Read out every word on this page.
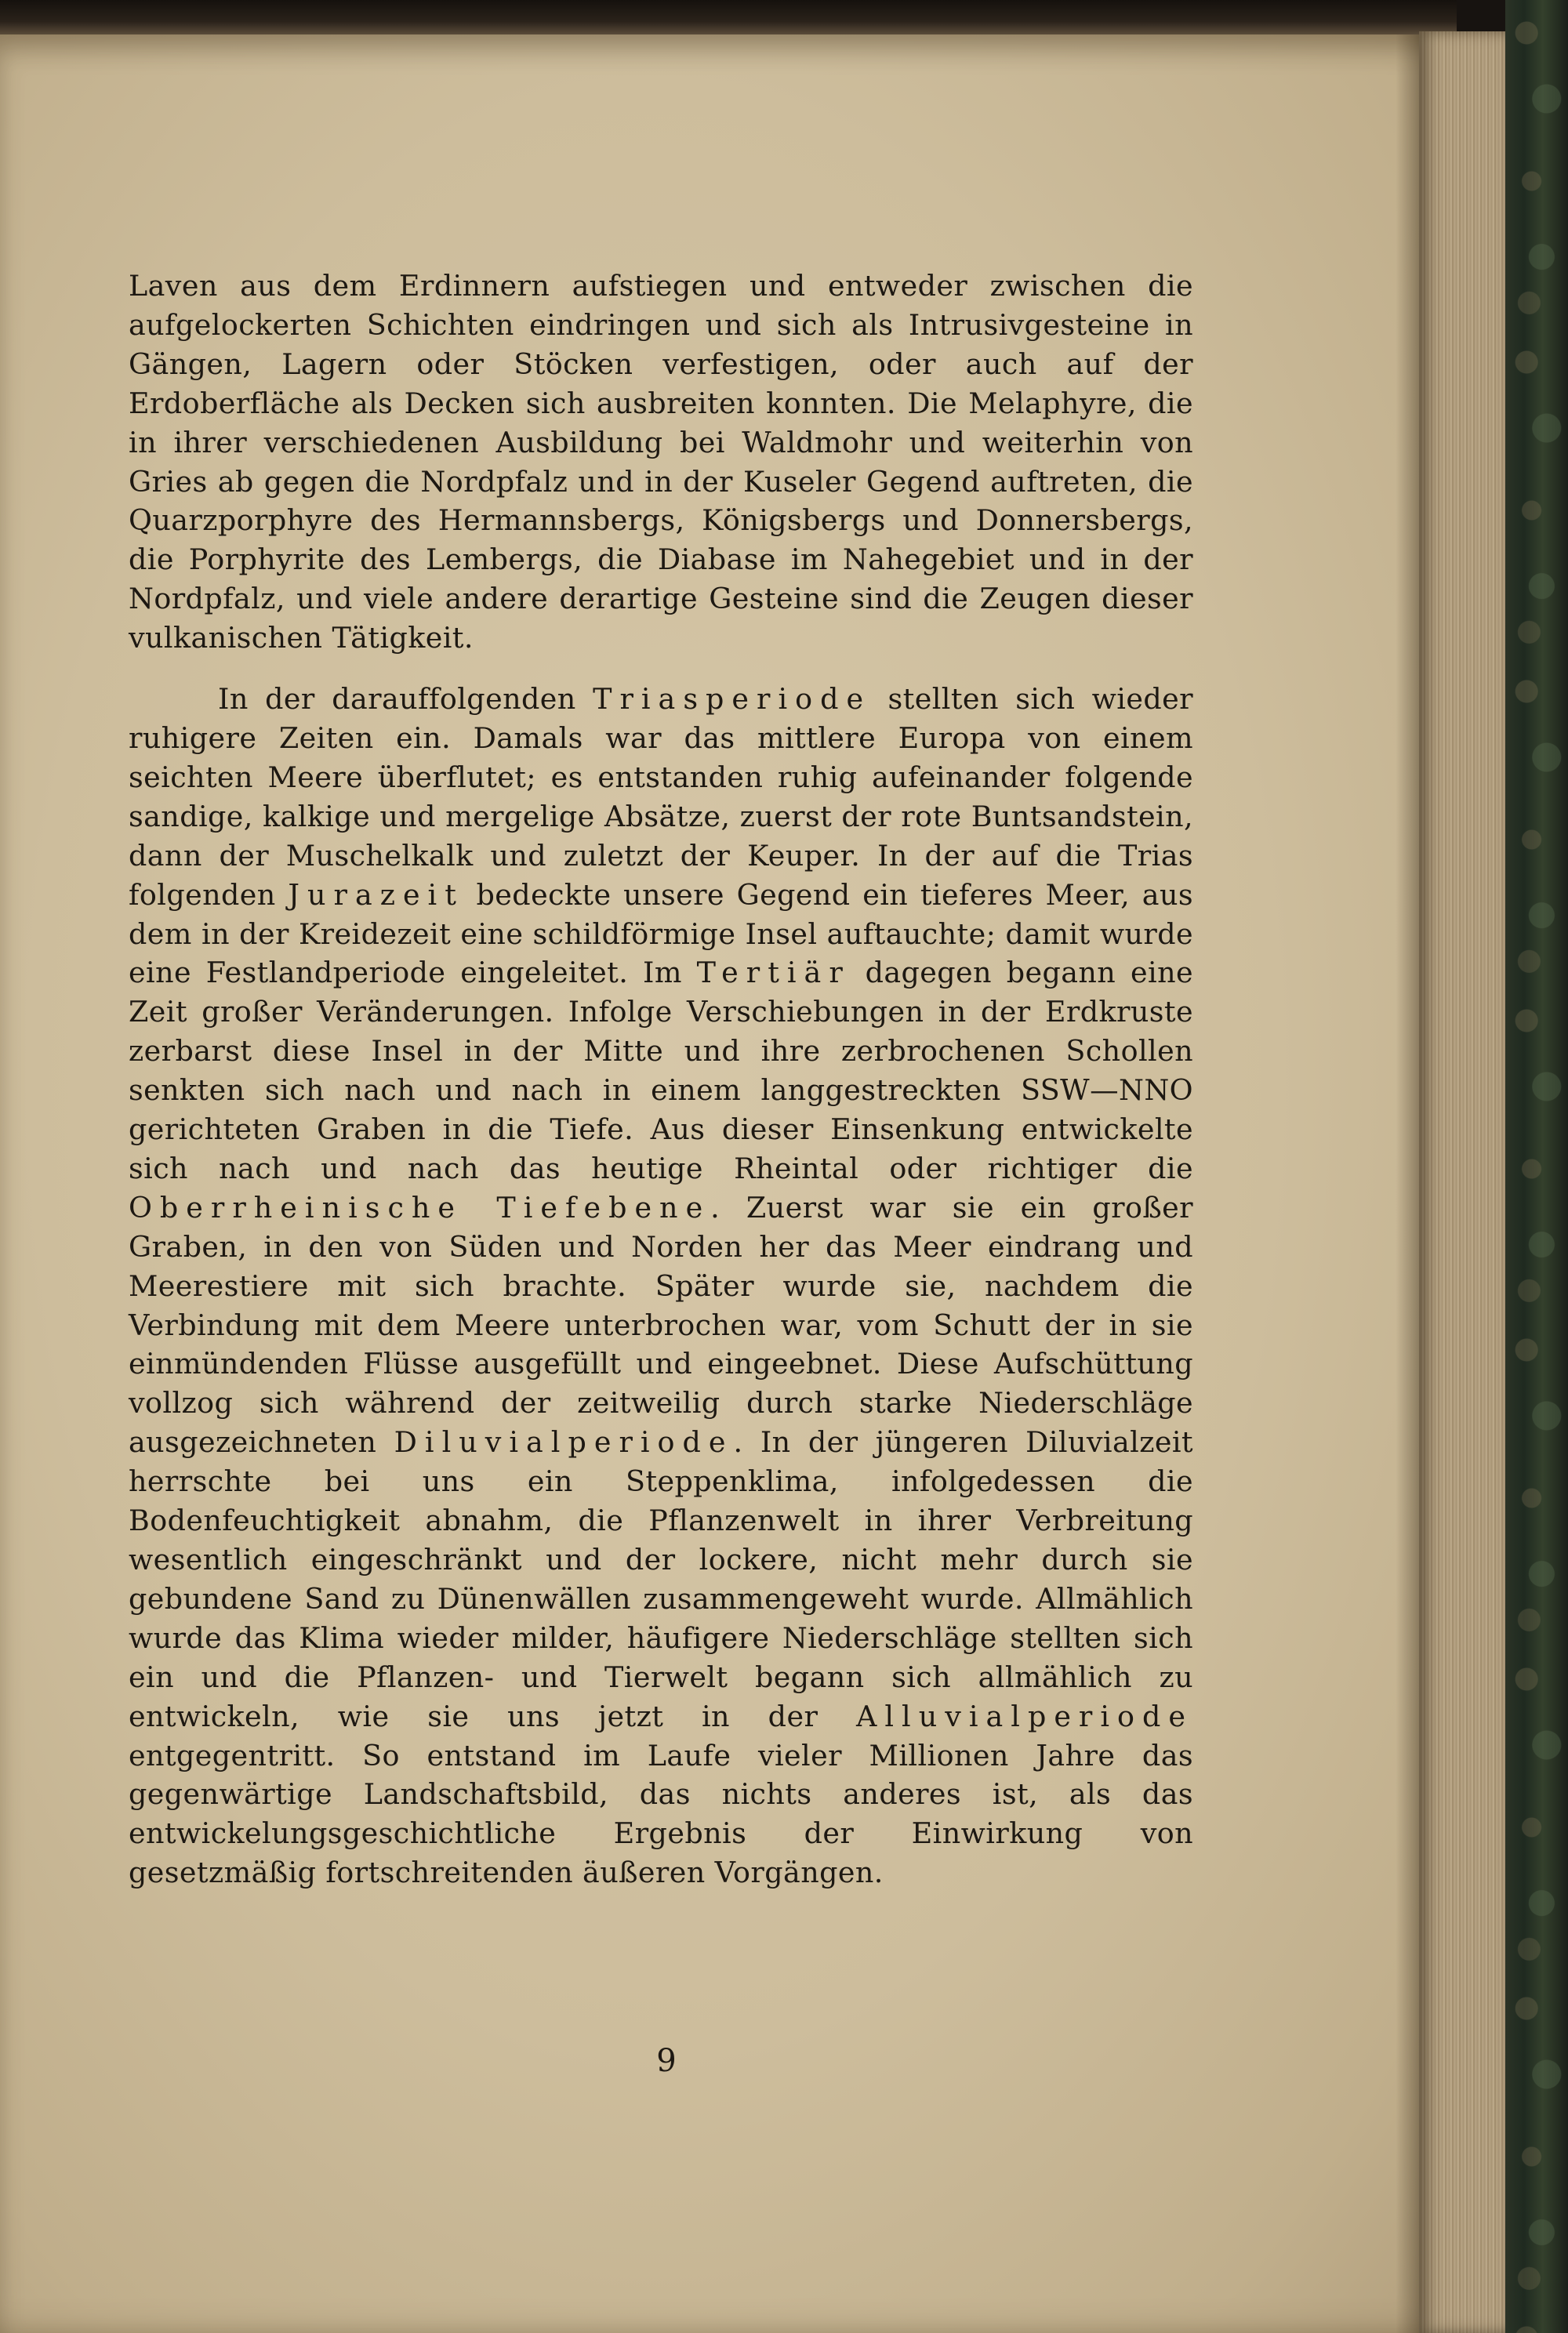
Laven aus dem Erdinnern aufstiegen und entweder zwischen die aufgelockerten Schichten eindringen und sich als Intrusivgesteine in Gängen, Lagern oder Stöcken verfestigen, oder auch auf der Erdoberfläche als Decken sich ausbreiten konnten. Die Melaphyre, die in ihrer verschiedenen Ausbildung bei Waldmohr und weiterhin von Gries ab gegen die Nordpfalz und in der Kuseler Gegend auftreten, die Quarzporphyre des Hermannsbergs, Königsbergs und Donnersbergs, die Porphyrite des Lembergs, die Diabase im Nahegebiet und in der Nordpfalz, und viele andere derartige Gesteine sind die Zeugen dieser vulkanischen Tätigkeit.

In der darauffolgenden Triasperiode stellten sich wieder ruhigere Zeiten ein. Damals war das mittlere Europa von einem seichten Meere überflutet; es entstanden ruhig aufeinander folgende sandige, kalkige und mergelige Absätze, zuerst der rote Buntsandstein, dann der Muschelkalk und zuletzt der Keuper. In der auf die Trias folgenden Jurazeit bedeckte unsere Gegend ein tieferes Meer, aus dem in der Kreidezeit eine schildförmige Insel auftauchte; damit wurde eine Festlandperiode eingeleitet. Im Tertiär dagegen begann eine Zeit großer Veränderungen. Infolge Verschiebungen in der Erdkruste zerbarst diese Insel in der Mitte und ihre zerbrochenen Schollen senkten sich nach und nach in einem langgestreckten SSW—NNO gerichteten Graben in die Tiefe. Aus dieser Einsenkung entwickelte sich nach und nach das heutige Rheintal oder richtiger die Oberrheinische Tiefebene. Zuerst war sie ein großer Graben, in den von Süden und Norden her das Meer eindrang und Meerestiere mit sich brachte. Später wurde sie, nachdem die Verbindung mit dem Meere unterbrochen war, vom Schutt der in sie einmündenden Flüsse ausgefüllt und eingeebnet. Diese Aufschüttung vollzog sich während der zeitweilig durch starke Niederschläge ausgezeichneten Diluvialperiode. In der jüngeren Diluvialzeit herrschte bei uns ein Steppenklima, infolgedessen die Bodenfeuchtigkeit abnahm, die Pflanzenwelt in ihrer Verbreitung wesentlich eingeschränkt und der lockere, nicht mehr durch sie gebundene Sand zu Dünenwällen zusammengeweht wurde. Allmählich wurde das Klima wieder milder, häufigere Niederschläge stellten sich ein und die Pflanzen- und Tierwelt begann sich allmählich zu entwickeln, wie sie uns jetzt in der Alluvialperiode entgegentritt. So entstand im Laufe vieler Millionen Jahre das gegenwärtige Landschaftsbild, das nichts anderes ist, als das entwickelungsgeschichtliche Ergebnis der Einwirkung von gesetzmäßig fortschreitenden äußeren Vorgängen.

9
